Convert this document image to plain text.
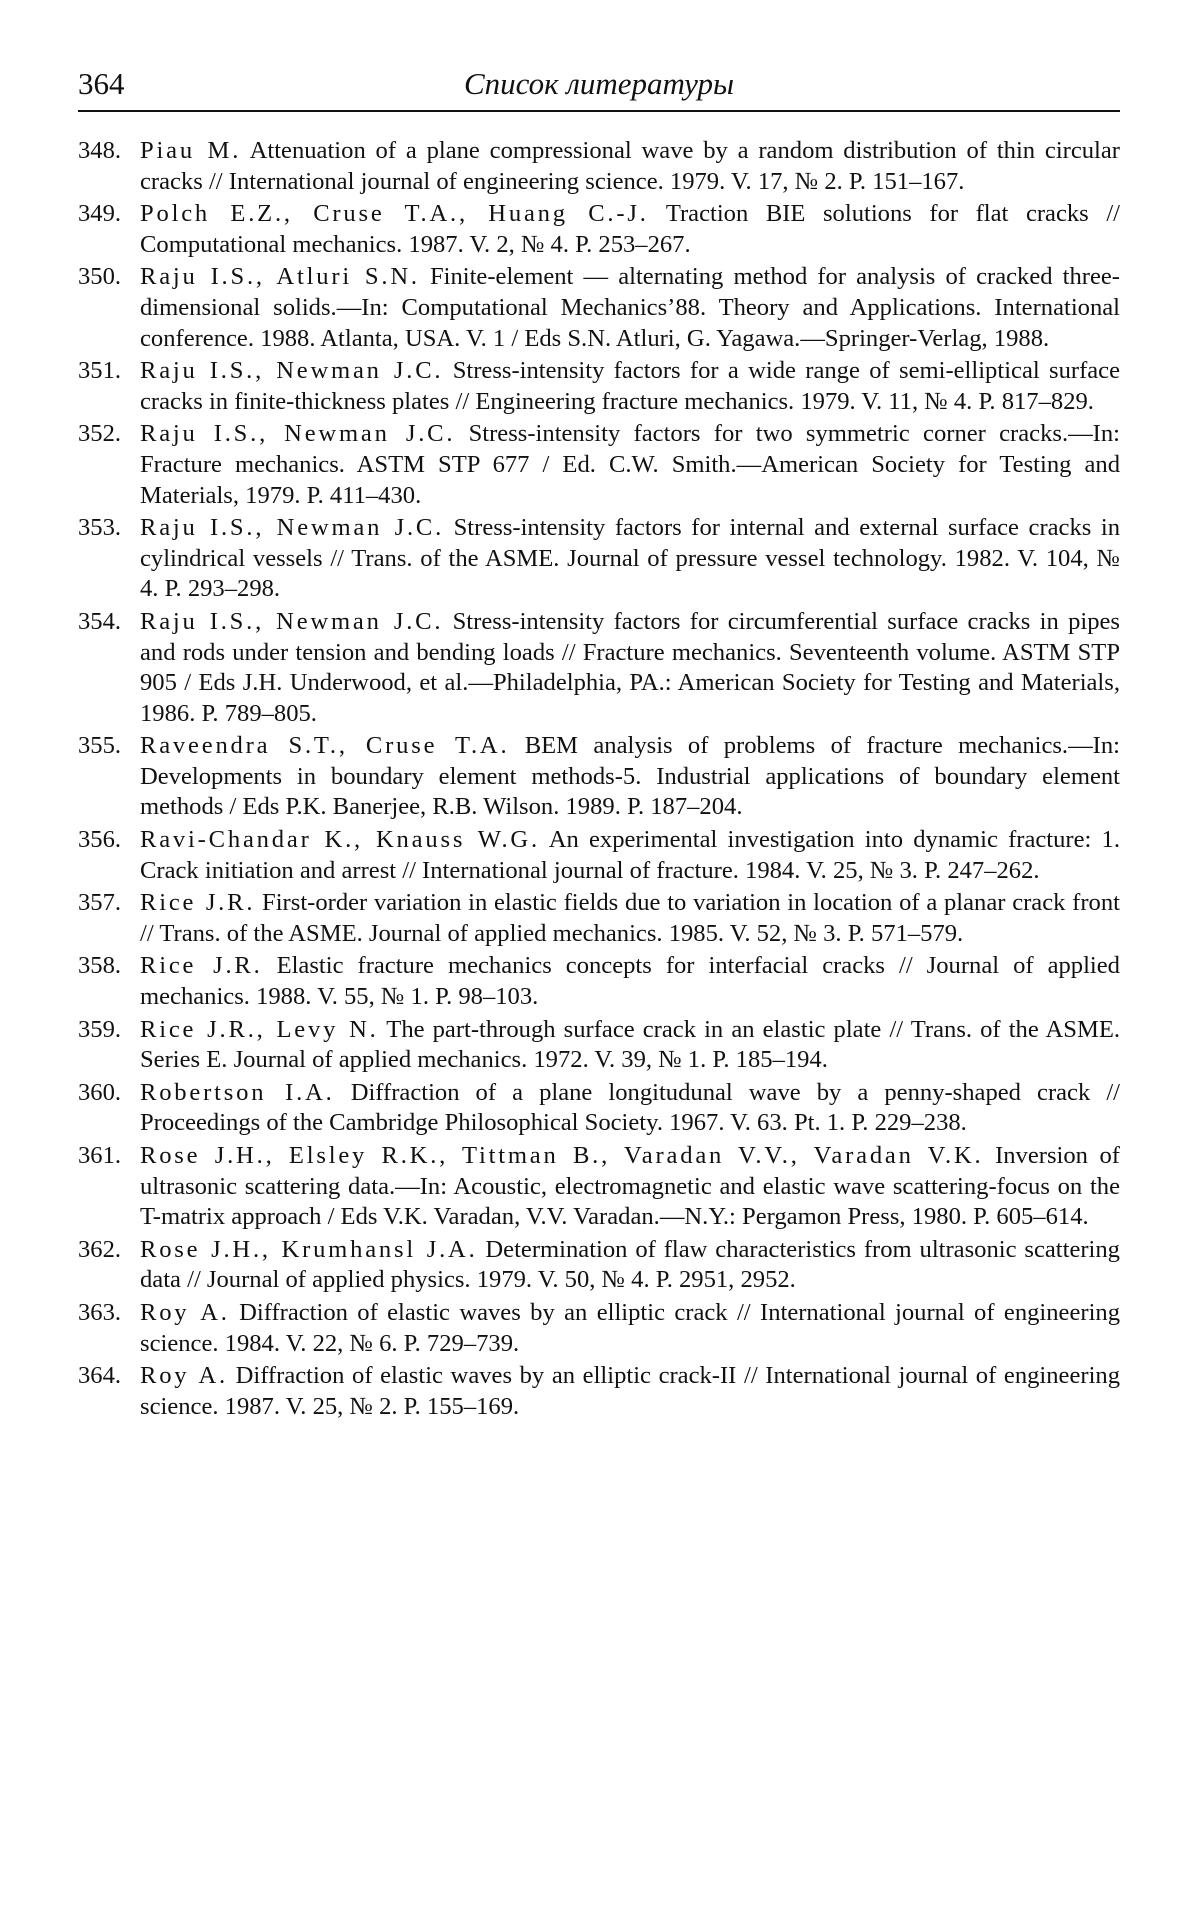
364	Список литературы
348. Piau M. Attenuation of a plane compressional wave by a random distribution of thin circular cracks // International journal of engineering science. 1979. V. 17, № 2. P. 151–167.
349. Polch E.Z., Cruse T.A., Huang C.-J. Traction BIE solutions for flat cracks // Computational mechanics. 1987. V. 2, № 4. P. 253–267.
350. Raju I.S., Atluri S.N. Finite-element — alternating method for analysis of cracked three-dimensional solids.—In: Computational Mechanics’88. Theory and Applications. International conference. 1988. Atlanta, USA. V. 1 / Eds S.N. Atluri, G. Yagawa.—Springer-Verlag, 1988.
351. Raju I.S., Newman J.C. Stress-intensity factors for a wide range of semi-elliptical surface cracks in finite-thickness plates // Engineering fracture mechanics. 1979. V. 11, № 4. P. 817–829.
352. Raju I.S., Newman J.C. Stress-intensity factors for two symmetric corner cracks.—In: Fracture mechanics. ASTM STP 677 / Ed. C.W. Smith.—American Society for Testing and Materials, 1979. P. 411–430.
353. Raju I.S., Newman J.C. Stress-intensity factors for internal and external surface cracks in cylindrical vessels // Trans. of the ASME. Journal of pressure vessel technology. 1982. V. 104, № 4. P. 293–298.
354. Raju I.S., Newman J.C. Stress-intensity factors for circumferential surface cracks in pipes and rods under tension and bending loads // Fracture mechanics. Seventeenth volume. ASTM STP 905 / Eds J.H. Underwood, et al.—Philadelphia, PA.: American Society for Testing and Materials, 1986. P. 789–805.
355. Raveendra S.T., Cruse T.A. BEM analysis of problems of fracture mechanics.—In: Developments in boundary element methods-5. Industrial applications of boundary element methods / Eds P.K. Banerjee, R.B. Wilson. 1989. P. 187–204.
356. Ravi-Chandar K., Knauss W.G. An experimental investigation into dynamic fracture: 1. Crack initiation and arrest // International journal of fracture. 1984. V. 25, № 3. P. 247–262.
357. Rice J.R. First-order variation in elastic fields due to variation in location of a planar crack front // Trans. of the ASME. Journal of applied mechanics. 1985. V. 52, № 3. P. 571–579.
358. Rice J.R. Elastic fracture mechanics concepts for interfacial cracks // Journal of applied mechanics. 1988. V. 55, № 1. P. 98–103.
359. Rice J.R., Levy N. The part-through surface crack in an elastic plate // Trans. of the ASME. Series E. Journal of applied mechanics. 1972. V. 39, № 1. P. 185–194.
360. Robertson I.A. Diffraction of a plane longitudunal wave by a penny-shaped crack // Proceedings of the Cambridge Philosophical Society. 1967. V. 63. Pt. 1. P. 229–238.
361. Rose J.H., Elsley R.K., Tittman B., Varadan V.V., Varadan V.K. Inversion of ultrasonic scattering data.—In: Acoustic, electromagnetic and elastic wave scattering-focus on the T-matrix approach / Eds V.K. Varadan, V.V. Varadan.—N.Y.: Pergamon Press, 1980. P. 605–614.
362. Rose J.H., Krumhansl J.A. Determination of flaw characteristics from ultrasonic scattering data // Journal of applied physics. 1979. V. 50, № 4. P. 2951, 2952.
363. Roy A. Diffraction of elastic waves by an elliptic crack // International journal of engineering science. 1984. V. 22, № 6. P. 729–739.
364. Roy A. Diffraction of elastic waves by an elliptic crack-II // International journal of engineering science. 1987. V. 25, № 2. P. 155–169.
